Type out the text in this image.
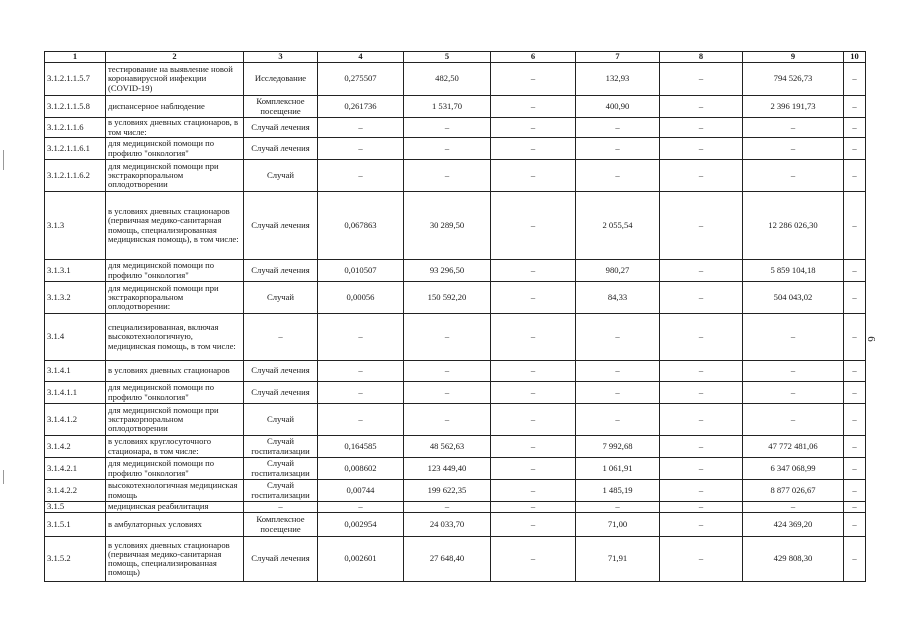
1	2	3	4	5	6	7	8	9	10
3.1.2.1.1.5.7	тестирование на выявление новой коронавирусной инфекции (COVID-19)	Исследование	0,275507	482,50	–	132,93	–	794 526,73	–
3.1.2.1.1.5.8	диспансерное наблюдение	Комплексное посещение	0,261736	1 531,70	–	400,90	–	2 396 191,73	–
3.1.2.1.1.6	в условиях дневных стационаров, в том числе:	Случай лечения	–	–	–	–	–	–	–
3.1.2.1.1.6.1	для медицинской помощи по профилю "онкология"	Случай лечения	–	–	–	–	–	–	–
3.1.2.1.1.6.2	для медицинской помощи при экстракорпоральном оплодотворении	Случай	–	–	–	–	–	–	–
3.1.3	в условиях дневных стационаров (первичная медико-санитарная помощь, специализированная медицинская помощь), в том числе:	Случай лечения	0,067863	30 289,50	–	2 055,54	–	12 286 026,30	–
3.1.3.1	для медицинской помощи по профилю "онкология"	Случай лечения	0,010507	93 296,50	–	980,27	–	5 859 104,18	–
3.1.3.2	для медицинской помощи при экстракорпоральном оплодотворении:	Случай	0,00056	150 592,20	–	84,33	–	504 043,02	–
3.1.4	специализированная, включая высокотехнологичную, медицинская помощь, в том числе:	–	–	–	–	–	–	–	–
3.1.4.1	в условиях дневных стационаров	Случай лечения	–	–	–	–	–	–	–
3.1.4.1.1	для медицинской помощи по профилю "онкология"	Случай лечения	–	–	–	–	–	–	–
3.1.4.1.2	для медицинской помощи при экстракорпоральном оплодотворении	Случай	–	–	–	–	–	–	–
3.1.4.2	в условиях круглосуточного стационара, в том числе:	Случай госпитализации	0,164585	48 562,63	–	7 992,68	–	47 772 481,06	–
3.1.4.2.1	для медицинской помощи по профилю "онкология"	Случай госпитализации	0,008602	123 449,40	–	1 061,91	–	6 347 068,99	–
3.1.4.2.2	высокотехнологичная медицинская помощь	Случай госпитализации	0,00744	199 622,35	–	1 485,19	–	8 877 026,67	–
3.1.5	медицинская реабилитация	–	–	–	–	–	–	–	–
3.1.5.1	в амбулаторных условиях	Комплексное посещение	0,002954	24 033,70	–	71,00	–	424 369,20	–
3.1.5.2	в условиях дневных стационаров (первичная медико-санитарная помощь, специализированная помощь)	Случай лечения	0,002601	27 648,40	–	71,91	–	429 808,30	–
6
